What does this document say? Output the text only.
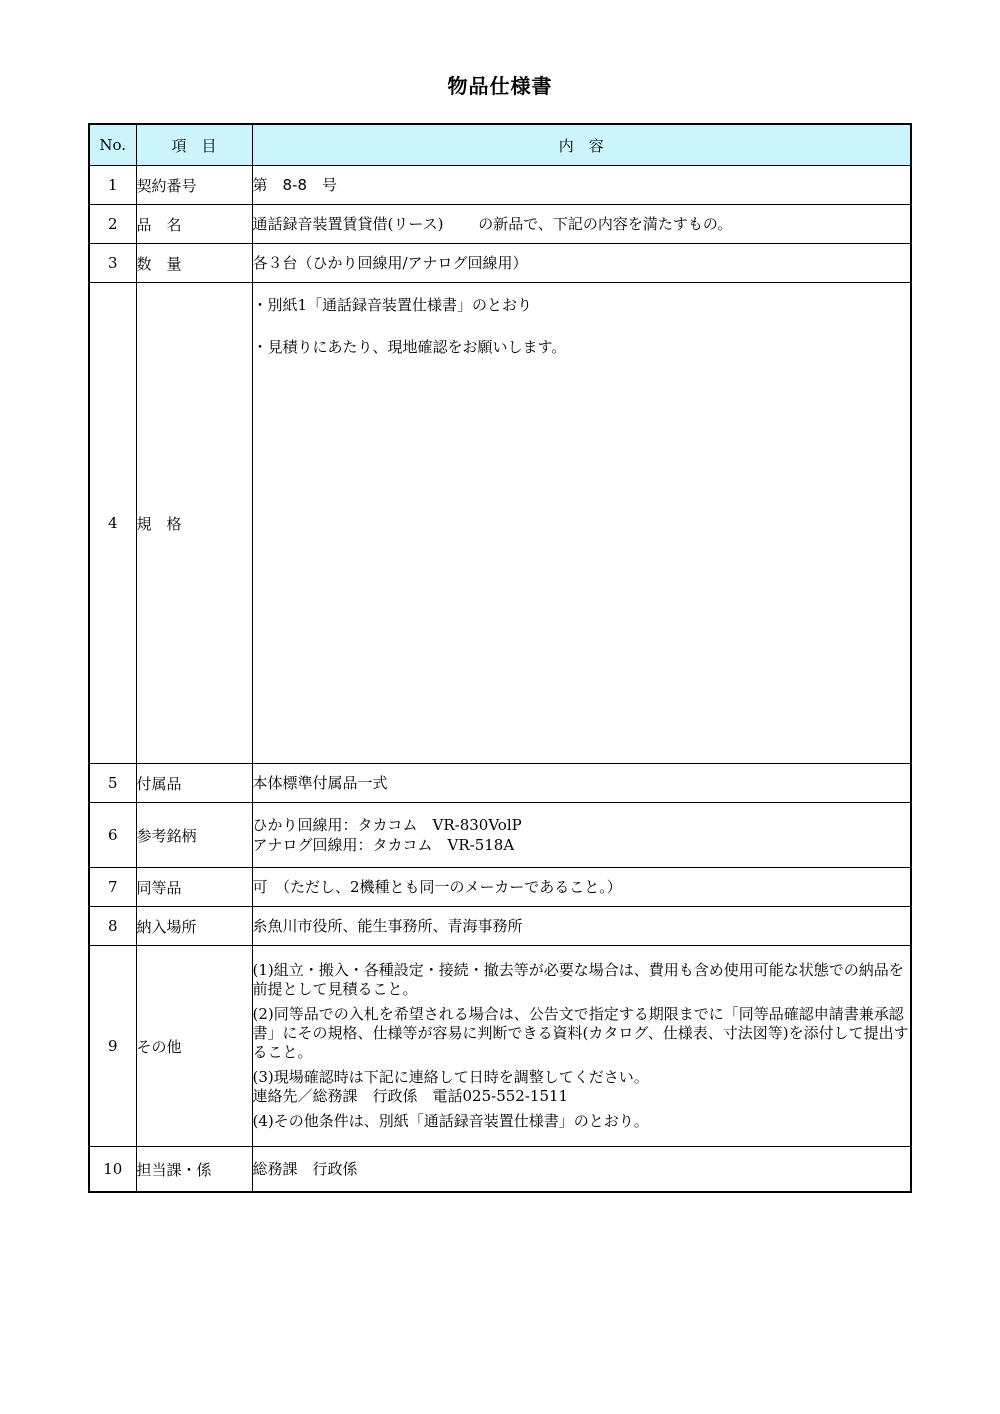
物品仕様書
No.	項　目	内　容
1	契約番号	第　8-8　号
2	品　名	通話録音装置賃貸借(リース)　　 の新品で、下記の内容を満たすもの。
3	数　量	各３台（ひかり回線用/アナログ回線用）
4	規　格	・別紙1「通話録音装置仕様書」のとおり

・見積りにあたり、現地確認をお願いします。

5	付属品	本体標準付属品一式
6	参考銘柄	ひかり回線用：タカコム　VR-830VolP

アナログ回線用：タカコム　VR-518A

7	同等品	可　（ただし、2機種とも同一のメーカーであること。）
8	納入場所	糸魚川市役所、能生事務所、青海事務所
9	その他	(1)組立・搬入・各種設定・接続・撤去等が必要な場合は、費用も含め使用可能な状態での納品を前提として見積ること。

(2)同等品での入札を希望される場合は、公告文で指定する期限までに「同等品確認申請書兼承認書」にその規格、仕様等が容易に判断できる資料(カタログ、仕様表、寸法図等)を添付して提出すること。

(3)現場確認時は下記に連絡して日時を調整してください。

連絡先／総務課　行政係　電話025-552-1511

(4)その他条件は、別紙「通話録音装置仕様書」のとおり。

10	担当課・係	総務課　行政係
